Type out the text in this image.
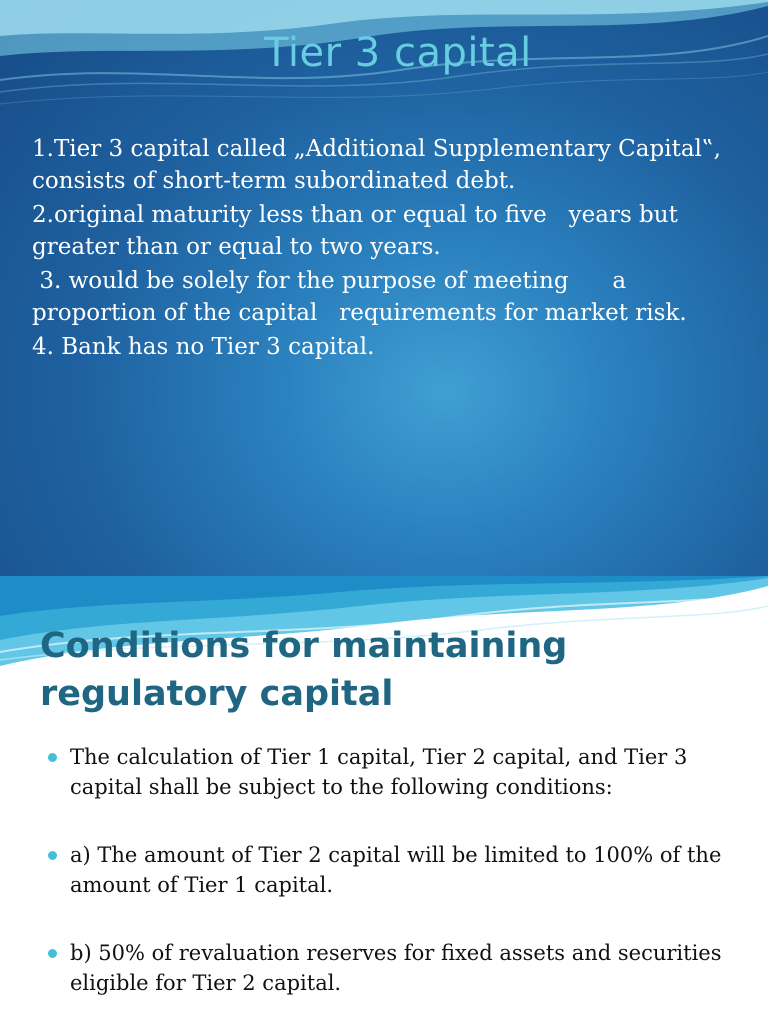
Tier 3 capital

1.Tier 3 capital called „Additional Supplementary Capital‟, consists of short-term subordinated debt.

2.original maturity less than or equal to five   years but greater than or equal to two years.

3. would be solely for the purpose of meeting      a proportion of the capital   requirements for market risk.

4. Bank has no Tier 3 capital.

Conditions for maintaining
regulatory capital
The calculation of Tier 1 capital, Tier 2 capital, and Tier 3 capital shall be subject to the following conditions:
a) The amount of Tier 2 capital will be limited to 100% of the amount of Tier 1 capital.
b) 50% of revaluation reserves for fixed assets and securities eligible for Tier 2 capital.
